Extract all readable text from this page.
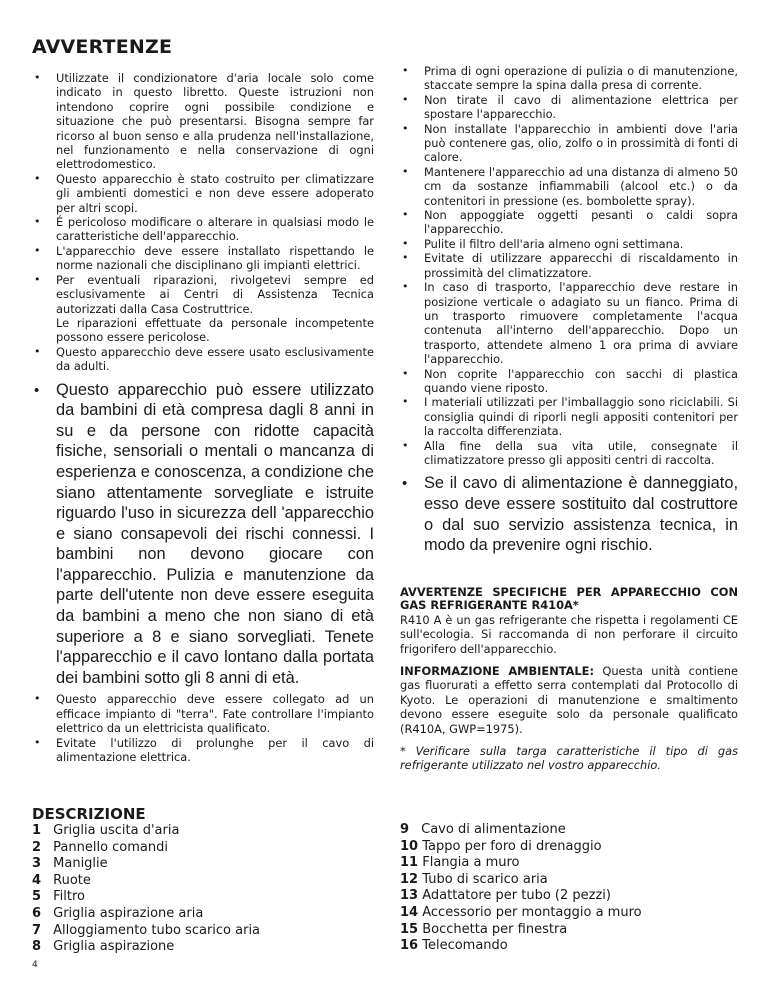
AVVERTENZE
• Utilizzate il condizionatore d'aria locale solo come indicato in questo libretto. Queste istruzioni non intendono coprire ogni possibile condizione e situazione che può presentarsi. Bisogna sempre far ricorso al buon senso e alla prudenza nell'installazione, nel funzionamento e nella conservazione di ogni elettrodomestico.
• Questo apparecchio è stato costruito per climatizzare gli ambienti domestici e non deve essere adoperato per altri scopi.
• É pericoloso modificare o alterare in qualsiasi modo le caratteristiche dell'apparecchio.
• L'apparecchio deve essere installato rispettando le norme nazionali che disciplinano gli impianti elettrici.
• Per eventuali riparazioni, rivolgetevi sempre ed esclusivamente ai Centri di Assistenza Tecnica autorizzati dalla Casa Costruttrice.
Le riparazioni effettuate da personale incompetente possono essere pericolose.
• Questo apparecchio deve essere usato esclusivamente da adulti.
• Questo apparecchio può essere utilizzato da bambini di età compresa dagli 8 anni in su e da persone con ridotte capacità fisiche, sensoriali o mentali o mancanza di esperienza e conoscenza, a condizione che siano attentamente sorvegliate e istruite riguardo l'uso in sicurezza dell 'apparecchio e siano consapevoli dei rischi connessi. I bambini non devono giocare con l'apparecchio. Pulizia e manutenzione da parte dell'utente non deve essere eseguita da bambini a meno che non siano di età superiore a 8 e siano sorvegliati. Tenete l'apparecchio e il cavo lontano dalla portata dei bambini sotto gli 8 anni di età.
• Questo apparecchio deve essere collegato ad un efficace impianto di "terra". Fate controllare l'impianto elettrico da un elettricista qualificato.
• Evitate l'utilizzo di prolunghe per il cavo di alimentazione elettrica.
• Prima di ogni operazione di pulizia o di manutenzione, staccate sempre la spina dalla presa di corrente.
• Non tirate il cavo di alimentazione elettrica per spostare l'apparecchio.
• Non installate l'apparecchio in ambienti dove l'aria può contenere gas, olio, zolfo o in prossimità di fonti di calore.
• Mantenere l'apparecchio ad una distanza di almeno 50 cm da sostanze infiammabili (alcool etc.) o da contenitori in pressione (es. bombolette spray).
• Non appoggiate oggetti pesanti o caldi sopra l'apparecchio.
• Pulite il filtro dell'aria almeno ogni settimana.
• Evitate di utilizzare apparecchi di riscaldamento in prossimità del climatizzatore.
• In caso di trasporto, l'apparecchio deve restare in posizione verticale o adagiato su un fianco. Prima di un trasporto rimuovere completamente l'acqua contenuta all'interno dell'apparecchio. Dopo un trasporto, attendete almeno 1 ora prima di avviare l'apparecchio.
• Non coprite l'apparecchio con sacchi di plastica quando viene riposto.
• I materiali utilizzati per l'imballaggio sono riciclabili. Si consiglia quindi di riporli negli appositi contenitori per la raccolta differenziata.
• Alla fine della sua vita utile, consegnate il climatizzatore presso gli appositi centri di raccolta.
• Se il cavo di alimentazione è danneggiato, esso deve essere sostituito dal costruttore o dal suo servizio assistenza tecnica, in modo da prevenire ogni rischio.
AVVERTENZE SPECIFICHE PER APPARECCHIO CON GAS REFRIGERANTE R410A*
R410 A è un gas refrigerante che rispetta i regolamenti CE sull'ecologia. Si raccomanda di non perforare il circuito frigorifero dell'apparecchio.
INFORMAZIONE AMBIENTALE: Questa unità contiene gas fluorurati a effetto serra contemplati dal Protocollo di Kyoto. Le operazioni di manutenzione e smaltimento devono essere eseguite solo da personale qualificato (R410A, GWP=1975).
* Verificare sulla targa caratteristiche il tipo di gas refrigerante utilizzato nel vostro apparecchio.
DESCRIZIONE
1 Griglia uscita d'aria
2 Pannello comandi
3 Maniglie
4 Ruote
5 Filtro
6 Griglia aspirazione aria
7 Alloggiamento tubo scarico aria
8 Griglia aspirazione
9 Cavo di alimentazione
10 Tappo per foro di drenaggio
11 Flangia a muro
12 Tubo di scarico aria
13 Adattatore per tubo (2 pezzi)
14 Accessorio per montaggio a muro
15 Bocchetta per finestra
16 Telecomando
4
